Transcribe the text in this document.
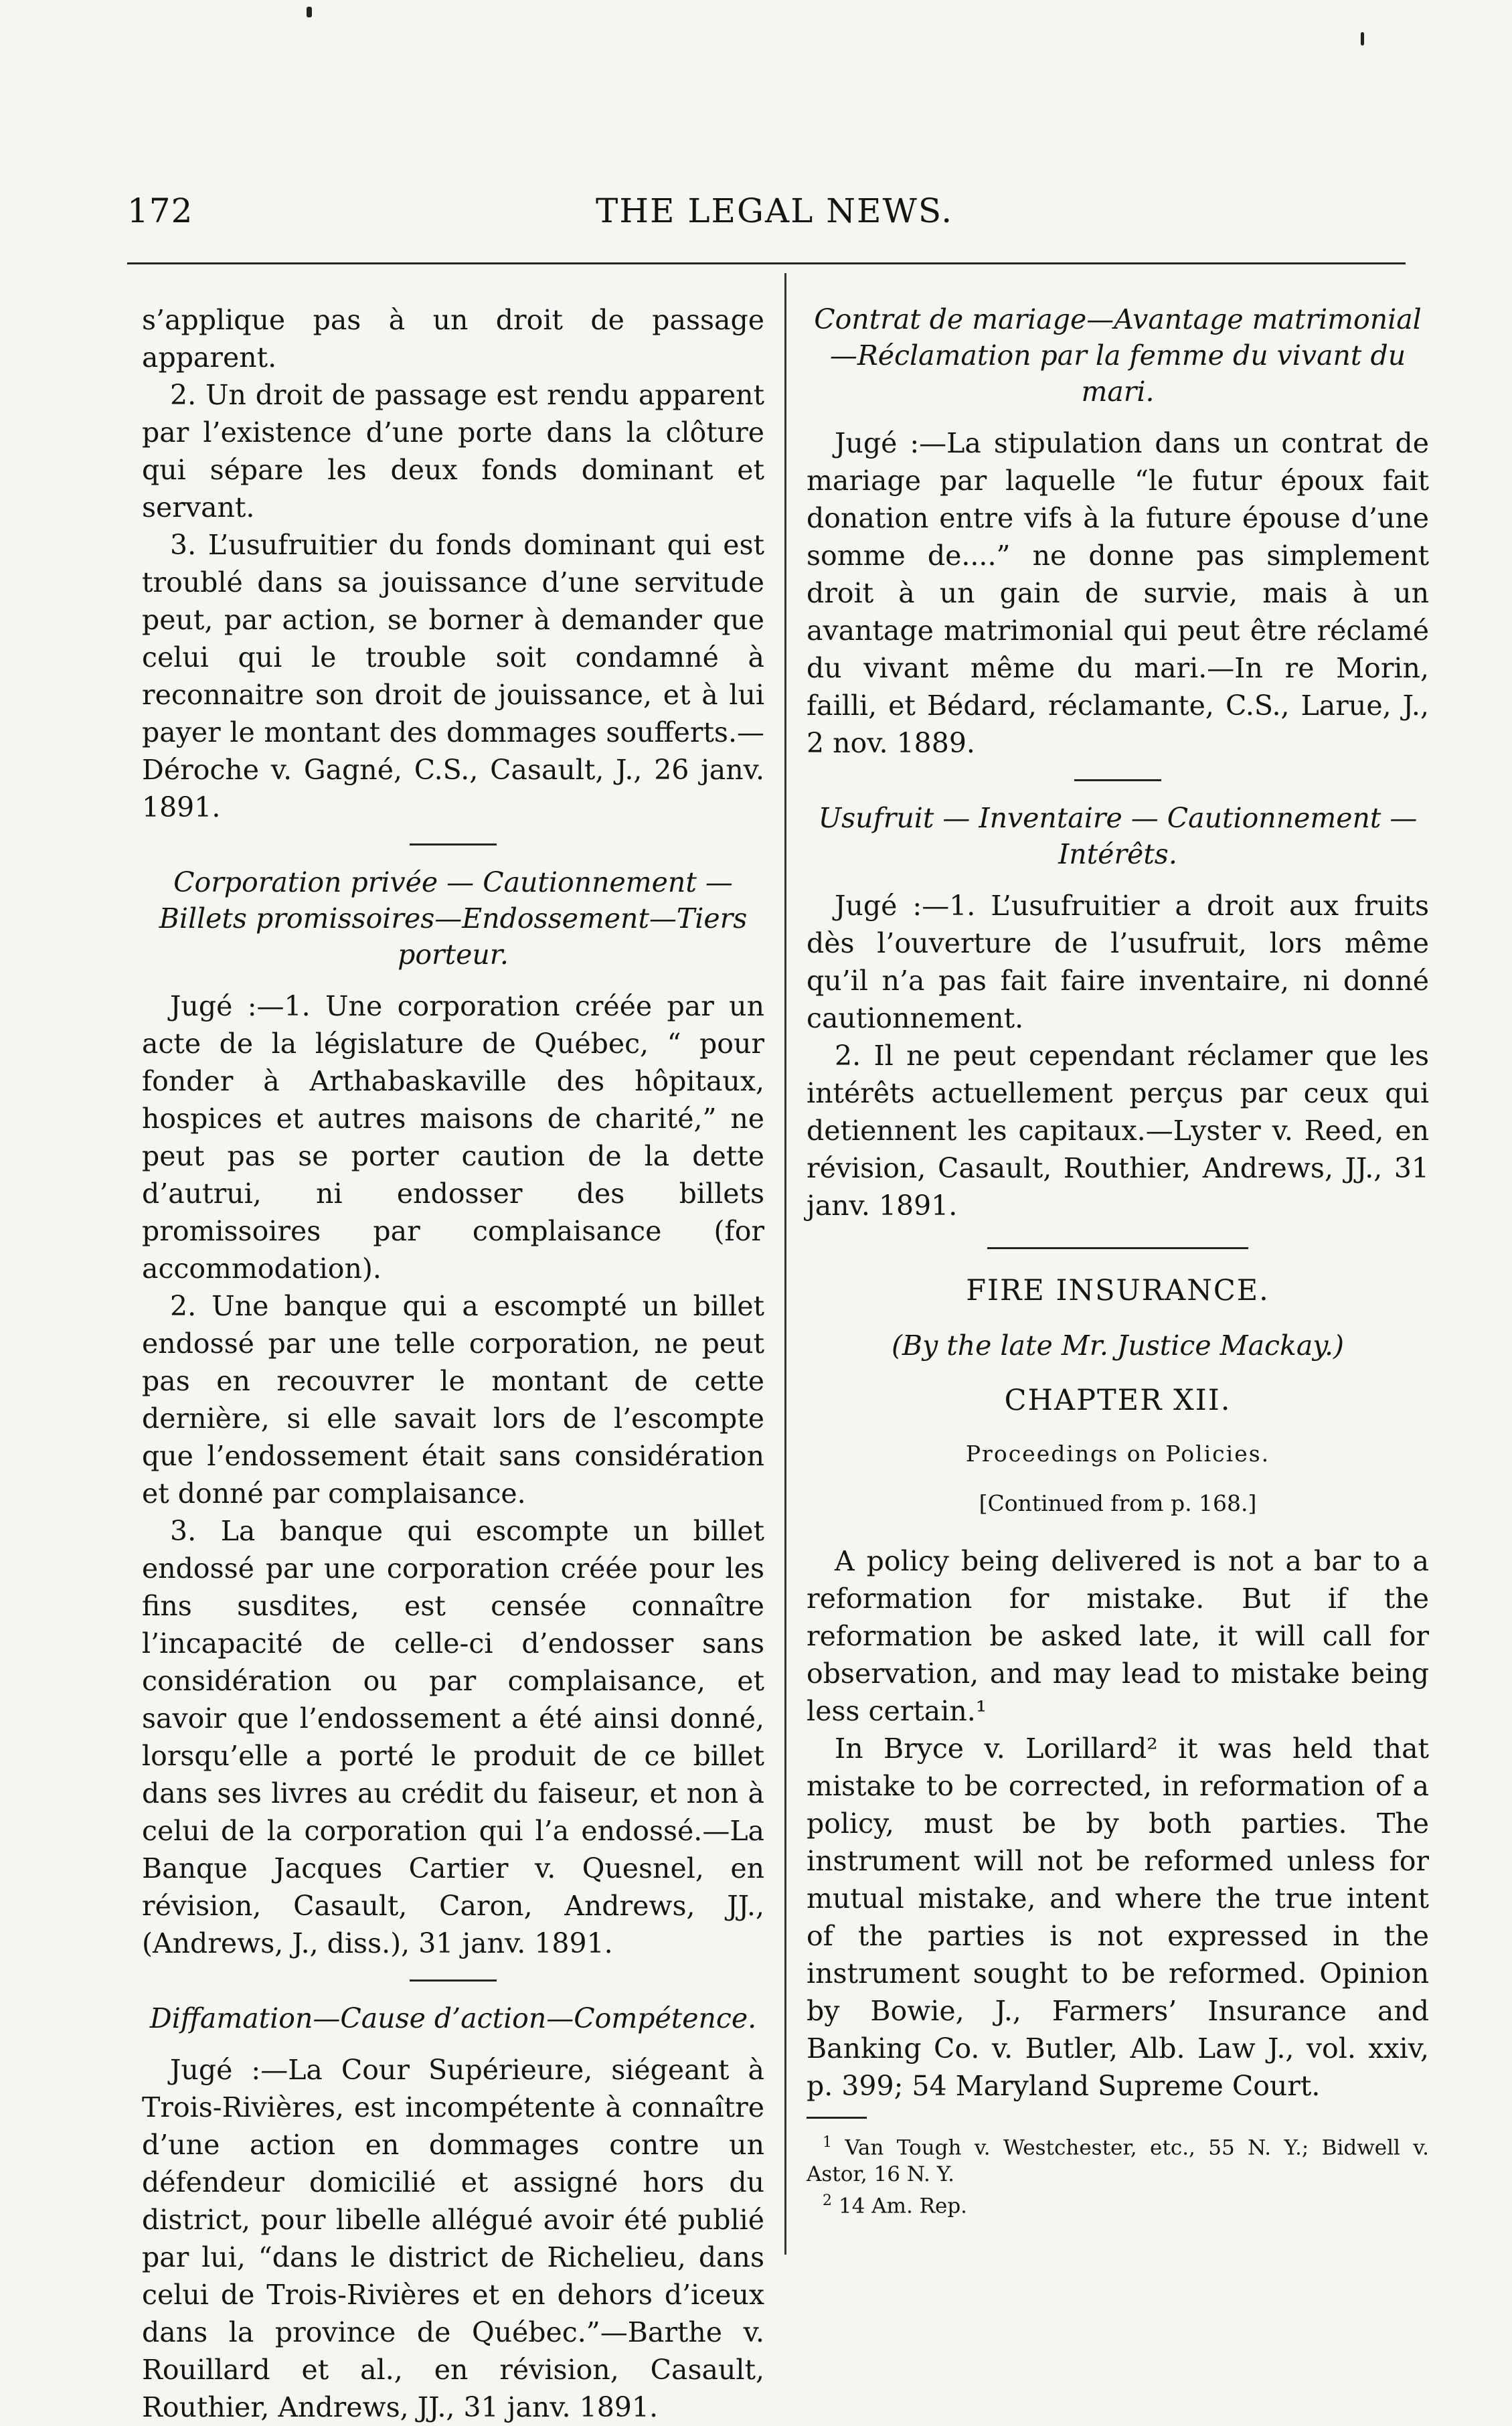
172	THE LEGAL NEWS.

s’applique pas à un droit de passage apparent.

2. Un droit de passage est rendu apparent par l’existence d’une porte dans la clôture qui sépare les deux fonds dominant et servant.

3. L’usufruitier du fonds dominant qui est troublé dans sa jouissance d’une servitude peut, par action, se borner à demander que celui qui le trouble soit condamné à reconnaitre son droit de jouissance, et à lui payer le montant des dommages soufferts.—Déroche v. Gagné, C.S., Casault, J., 26 janv. 1891.

Corporation privée — Cautionnement — Billets promissoires—Endossement—Tiers porteur.

Jugé :—1. Une corporation créée par un acte de la législature de Québec, “ pour fonder à Arthabaskaville des hôpitaux, hospices et autres maisons de charité,” ne peut pas se porter caution de la dette d’autrui, ni endosser des billets promissoires par complaisance (for accommodation).

2. Une banque qui a escompté un billet endossé par une telle corporation, ne peut pas en recouvrer le montant de cette dernière, si elle savait lors de l’escompte que l’endossement était sans considération et donné par complaisance.

3. La banque qui escompte un billet endossé par une corporation créée pour les fins susdites, est censée connaître l’incapacité de celle-ci d’endosser sans considération ou par complaisance, et savoir que l’endossement a été ainsi donné, lorsqu’elle a porté le produit de ce billet dans ses livres au crédit du faiseur, et non à celui de la corporation qui l’a endossé.—La Banque Jacques Cartier v. Quesnel, en révision, Casault, Caron, Andrews, JJ., (Andrews, J., diss.), 31 janv. 1891.

Diffamation—Cause d’action—Compétence.

Jugé :—La Cour Supérieure, siégeant à Trois-Rivières, est incompétente à connaître d’une action en dommages contre un défendeur domicilié et assigné hors du district, pour libelle allégué avoir été publié par lui, “dans le district de Richelieu, dans celui de Trois-Rivières et en dehors d’iceux dans la province de Québec.”—Barthe v. Rouillard et al., en révision, Casault, Routhier, Andrews, JJ., 31 janv. 1891.

Contrat de mariage—Avantage matrimonial—Réclamation par la femme du vivant du mari.

Jugé :—La stipulation dans un contrat de mariage par laquelle “le futur époux fait donation entre vifs à la future épouse d’une somme de....” ne donne pas simplement droit à un gain de survie, mais à un avantage matrimonial qui peut être réclamé du vivant même du mari.—In re Morin, failli, et Bédard, réclamante, C.S., Larue, J., 2 nov. 1889.

Usufruit — Inventaire — Cautionnement — Intérêts.

Jugé :—1. L’usufruitier a droit aux fruits dès l’ouverture de l’usufruit, lors même qu’il n’a pas fait faire inventaire, ni donné cautionnement.

2. Il ne peut cependant réclamer que les intérêts actuellement perçus par ceux qui detiennent les capitaux.—Lyster v. Reed, en révision, Casault, Routhier, Andrews, JJ., 31 janv. 1891.

FIRE INSURANCE.

(By the late Mr. Justice Mackay.)

CHAPTER XII.

Proceedings on Policies.

[Continued from p. 168.]

A policy being delivered is not a bar to a reformation for mistake. But if the reformation be asked late, it will call for observation, and may lead to mistake being less certain.¹

In Bryce v. Lorillard² it was held that mistake to be corrected, in reformation of a policy, must be by both parties. The instrument will not be reformed unless for mutual mistake, and where the true intent of the parties is not expressed in the instrument sought to be reformed. Opinion by Bowie, J., Farmers’ Insurance and Banking Co. v. Butler, Alb. Law J., vol. xxiv, p. 399; 54 Maryland Supreme Court.

$^1$ Van Tough v. Westchester, etc., 55 N. Y.; Bidwell v. Astor, 16 N. Y.

$^2$ 14 Am. Rep.
